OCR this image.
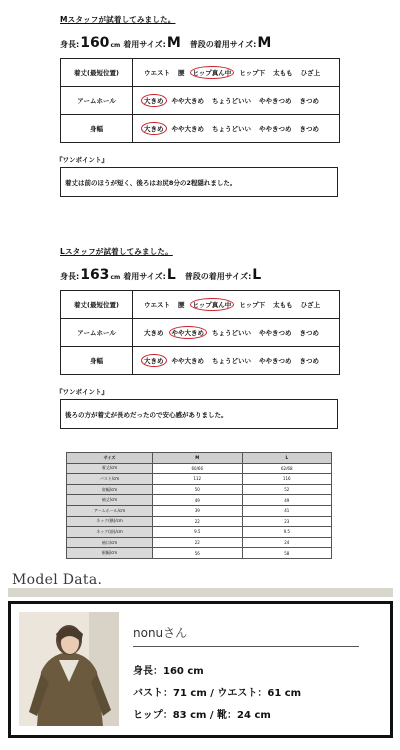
Mスタッフが試着してみました。
身長: 160 cm 着用サイズ: M 普段の着用サイズ: M
着丈(最短位置)	ウエスト 腰 ヒップ真ん中 ヒップ下 太もも ひざ上
アームホール	大きめ やや大きめ ちょうどいい ややきつめ きつめ
身幅	大きめ やや大きめ ちょうどいい ややきつめ きつめ
『ワンポイント』
着丈は前のほうが短く、後ろはお尻8分の2程隠れました。
Lスタッフが試着してみました。
身長: 163 cm 着用サイズ: L 普段の着用サイズ: L
着丈(最短位置)	ウエスト 腰 ヒップ真ん中 ヒップ下 太もも ひざ上
アームホール	大きめ やや大きめ ちょうどいい ややきつめ きつめ
身幅	大きめ やや大きめ ちょうどいい ややきつめ きつめ
『ワンポイント』
後ろの方が着丈が長めだったので安心感がありました。
サイズ	M	L
着丈/cm	60/66	62/68
バスト/cm	112	116
肩幅/cm	50	52
袖丈/cm	49	49
アームホール/cm	39	41
ネック(横)/cm	22	23
ネック(前)/cm	9.5	9.5
袖口/cm	22	24
裾幅/cm	56	58
Model Data.
nonuさん
身長：160 cm
バスト：71 cm / ウエスト：61 cm
ヒップ：83 cm / 靴：24 cm
